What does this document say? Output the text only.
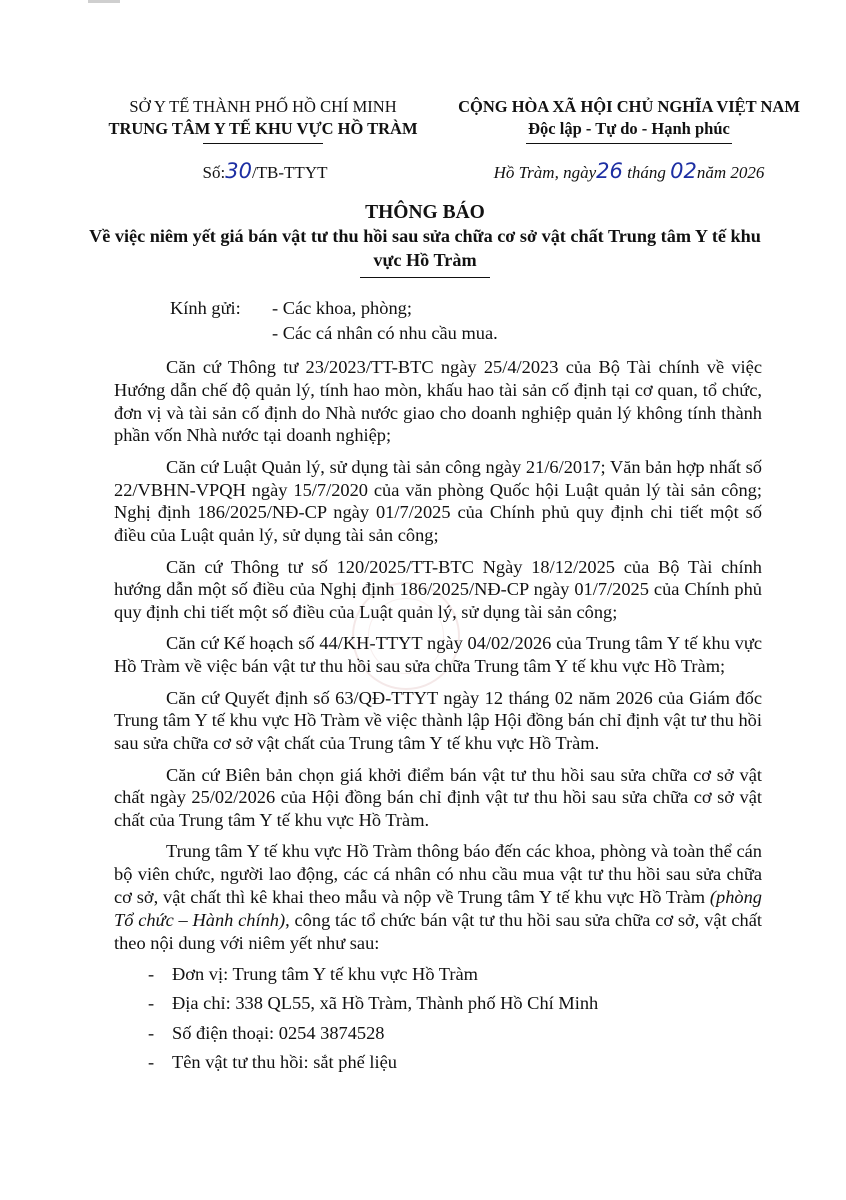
SỞ Y TẾ THÀNH PHỐ HỒ CHÍ MINH
TRUNG TÂM Y TẾ KHU VỰC HỒ TRÀM
CỘNG HÒA XÃ HỘI CHỦ NGHĨA VIỆT NAM
Độc lập - Tự do - Hạnh phúc
Số:30/TB-TTYT	Hồ Tràm, ngày26 tháng 02năm 2026
THÔNG BÁO
Về việc niêm yết giá bán vật tư thu hồi sau sửa chữa cơ sở vật chất Trung tâm Y tế khu vực Hồ Tràm
Kính gửi:	- Các khoa, phòng;
- Các cá nhân có nhu cầu mua.

Căn cứ Thông tư 23/2023/TT-BTC ngày 25/4/2023 của Bộ Tài chính về việc Hướng dẫn chế độ quản lý, tính hao mòn, khấu hao tài sản cố định tại cơ quan, tổ chức, đơn vị và tài sản cố định do Nhà nước giao cho doanh nghiệp quản lý không tính thành phần vốn Nhà nước tại doanh nghiệp;

Căn cứ Luật Quản lý, sử dụng tài sản công ngày 21/6/2017; Văn bản hợp nhất số 22/VBHN-VPQH ngày 15/7/2020 của văn phòng Quốc hội Luật quản lý tài sản công; Nghị định 186/2025/NĐ-CP ngày 01/7/2025 của Chính phủ quy định chi tiết một số điều của Luật quản lý, sử dụng tài sản công;

Căn cứ Thông tư số 120/2025/TT-BTC Ngày 18/12/2025 của Bộ Tài chính hướng dẫn một số điều của Nghị định 186/2025/NĐ-CP ngày 01/7/2025 của Chính phủ quy định chi tiết một số điều của Luật quản lý, sử dụng tài sản công;

Căn cứ Kế hoạch số 44/KH-TTYT ngày 04/02/2026 của Trung tâm Y tế khu vực Hồ Tràm về việc bán vật tư thu hồi sau sửa chữa Trung tâm Y tế khu vực Hồ Tràm;

Căn cứ Quyết định số 63/QĐ-TTYT ngày 12 tháng 02 năm 2026 của Giám đốc Trung tâm Y tế khu vực Hồ Tràm về việc thành lập Hội đồng bán chỉ định vật tư thu hồi sau sửa chữa cơ sở vật chất của Trung tâm Y tế khu vực Hồ Tràm.

Căn cứ Biên bản chọn giá khởi điểm bán vật tư thu hồi sau sửa chữa cơ sở vật chất ngày 25/02/2026 của Hội đồng bán chỉ định vật tư thu hồi sau sửa chữa cơ sở vật chất của Trung tâm Y tế khu vực Hồ Tràm.

Trung tâm Y tế khu vực Hồ Tràm thông báo đến các khoa, phòng và toàn thể cán bộ viên chức, người lao động, các cá nhân có nhu cầu mua vật tư thu hồi sau sửa chữa cơ sở, vật chất thì kê khai theo mẫu và nộp về Trung tâm Y tế khu vực Hồ Tràm (phòng Tổ chức – Hành chính), công tác tổ chức bán vật tư thu hồi sau sửa chữa cơ sở, vật chất theo nội dung với niêm yết như sau:

- Đơn vị: Trung tâm Y tế khu vực Hồ Tràm
- Địa chỉ: 338 QL55, xã Hồ Tràm, Thành phố Hồ Chí Minh
- Số điện thoại: 0254 3874528
- Tên vật tư thu hồi: sắt phế liệu
